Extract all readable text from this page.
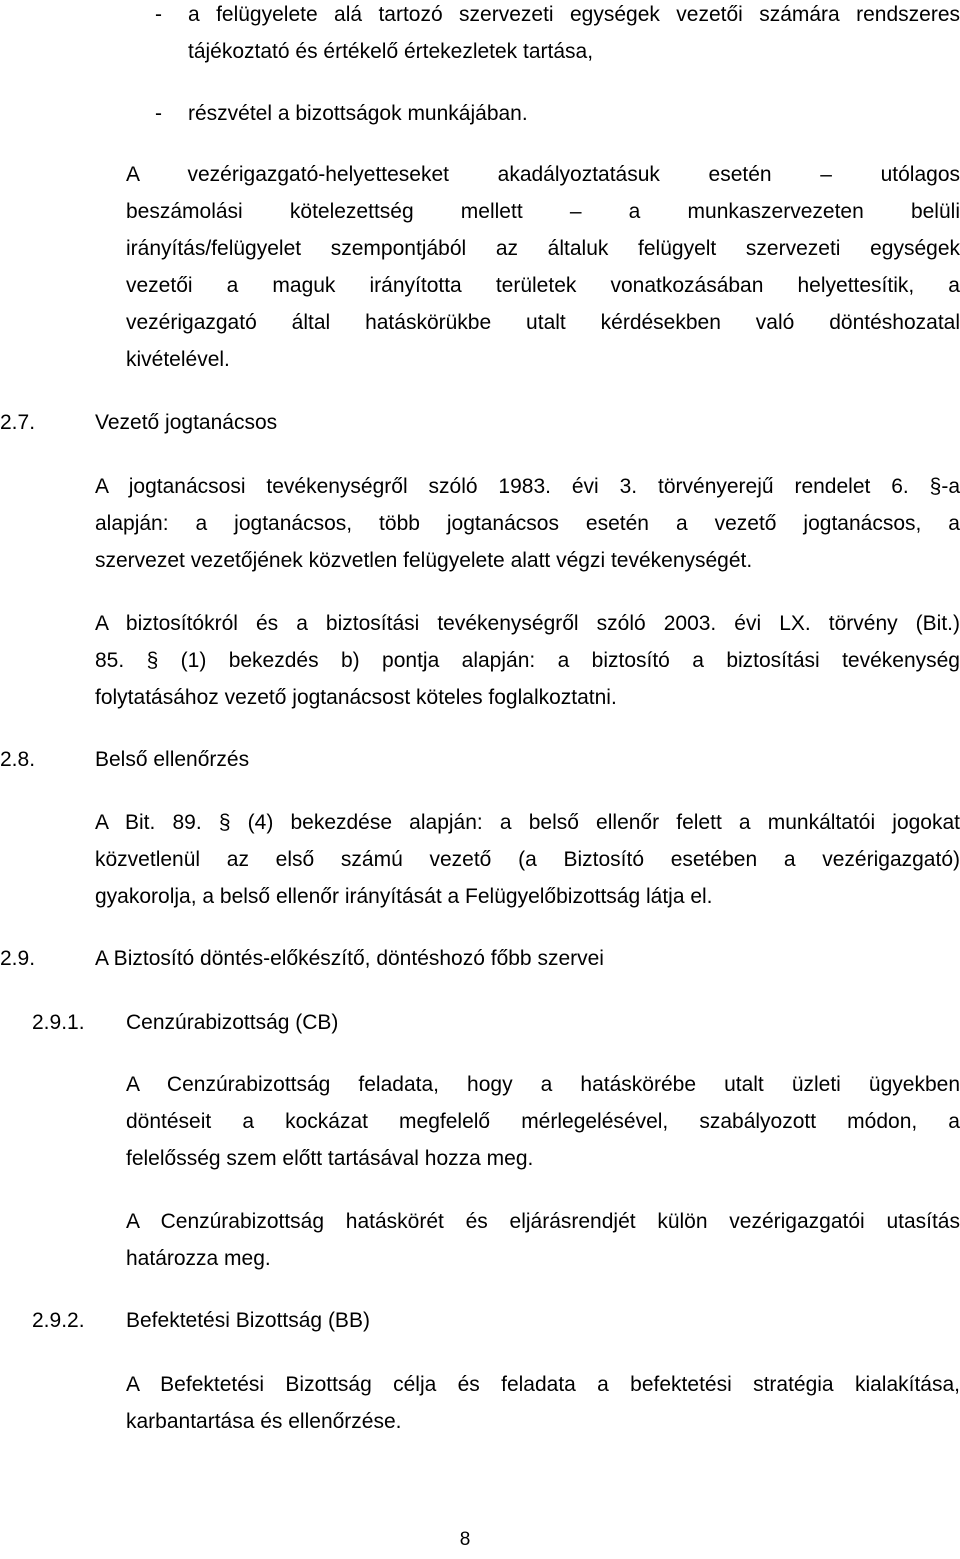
- a felügyelete alá tartozó szervezeti egységek vezetői számára rendszeres
tájékoztató és értékelő értekezletek tartása,
- részvétel a bizottságok munkájában.
A vezérigazgató-helyetteseket akadályoztatásuk esetén – utólagos
beszámolási kötelezettség mellett – a munkaszervezeten belüli
irányítás/felügyelet szempontjából az általuk felügyelt szervezeti egységek
vezetői a maguk irányította területek vonatkozásában helyettesítik, a
vezérigazgató által hatáskörükbe utalt kérdésekben való döntéshozatal
kivételével.
2.7.	Vezető jogtanácsos
A jogtanácsosi tevékenységről szóló 1983. évi 3. törvényerejű rendelet 6. §-a
alapján: a jogtanácsos, több jogtanácsos esetén a vezető jogtanácsos, a
szervezet vezetőjének közvetlen felügyelete alatt végzi tevékenységét.
A biztosítókról és a biztosítási tevékenységről szóló 2003. évi LX. törvény (Bit.)
85. § (1) bekezdés b) pontja alapján: a biztosító a biztosítási tevékenység
folytatásához vezető jogtanácsost köteles foglalkoztatni.
2.8.	Belső ellenőrzés
A Bit. 89. § (4) bekezdése alapján: a belső ellenőr felett a munkáltatói jogokat
közvetlenül az első számú vezető (a Biztosító esetében a vezérigazgató)
gyakorolja, a belső ellenőr irányítását a Felügyelőbizottság látja el.
2.9.	A Biztosító döntés-előkészítő, döntéshozó főbb szervei
2.9.1. Cenzúrabizottság (CB)
A Cenzúrabizottság feladata, hogy a hatáskörébe utalt üzleti ügyekben
döntéseit a kockázat megfelelő mérlegelésével, szabályozott módon, a
felelősség szem előtt tartásával hozza meg.
A Cenzúrabizottság hatáskörét és eljárásrendjét külön vezérigazgatói utasítás
határozza meg.
2.9.2. Befektetési Bizottság (BB)
A Befektetési Bizottság célja és feladata a befektetési stratégia kialakítása,
karbantartása és ellenőrzése.
8
